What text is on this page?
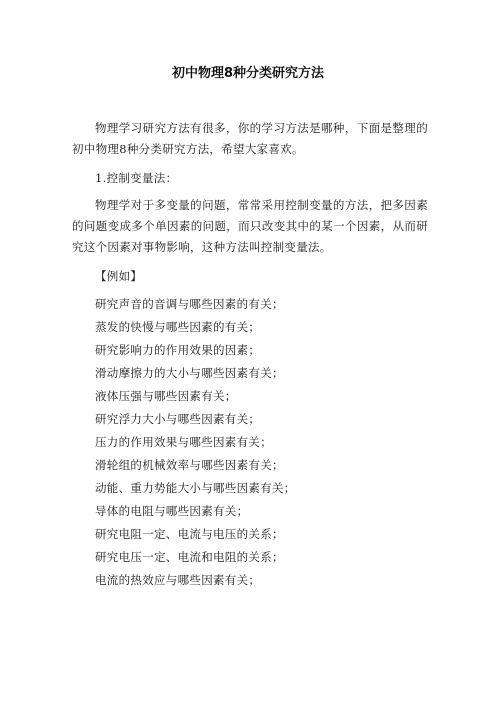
初中物理8种分类研究方法

物理学习研究方法有很多，你的学习方法是哪种，下面是整理的初中物理8种分类研究方法，希望大家喜欢。

1.控制变量法：

物理学对于多变量的问题，常常采用控制变量的方法，把多因素的问题变成多个单因素的问题，而只改变其中的某一个因素，从而研究这个因素对事物影响，这种方法叫控制变量法。

【例如】

研究声音的音调与哪些因素的有关；
蒸发的快慢与哪些因素的有关；
研究影响力的作用效果的因素；
滑动摩擦力的大小与哪些因素有关；
液体压强与哪些因素有关；
研究浮力大小与哪些因素有关；
压力的作用效果与哪些因素有关；
滑轮组的机械效率与哪些因素有关；
动能、重力势能大小与哪些因素有关；
导体的电阻与哪些因素有关；
研究电阻一定、电流与电压的关系；
研究电压一定、电流和电阻的关系；
电流的热效应与哪些因素有关；
